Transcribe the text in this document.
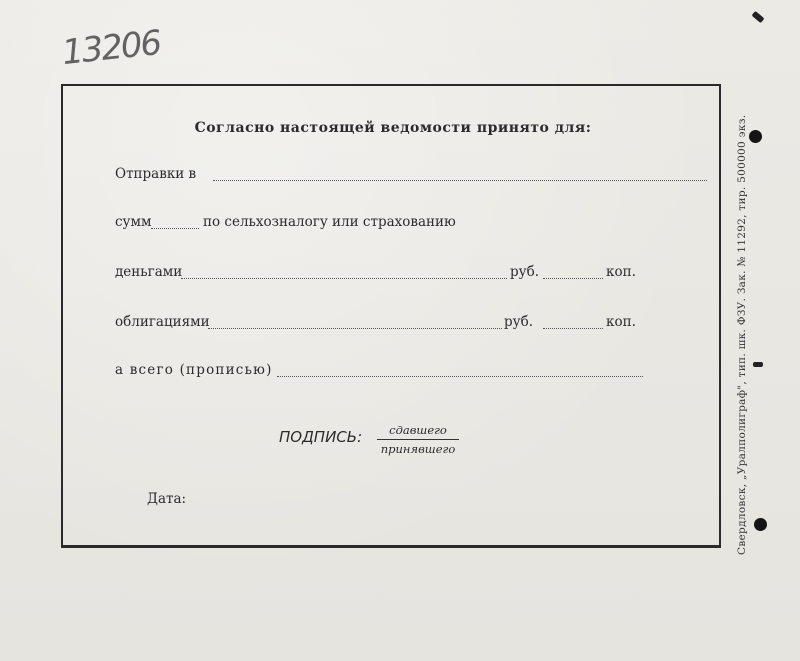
13206
Согласно настоящей ведомости принято для:
Отправки в
сумм	по сельхозналогу или страхованию
деньгами	руб.	коп.
облигациями	руб.	коп.
а всего (прописью)
ПОДПИСЬ:	сдавшего
принявшего
Дата:	Свердловск, „Уралполиграф", тип. шк. ФЗУ. Зак. № 11292, тир. 500000 экз.
